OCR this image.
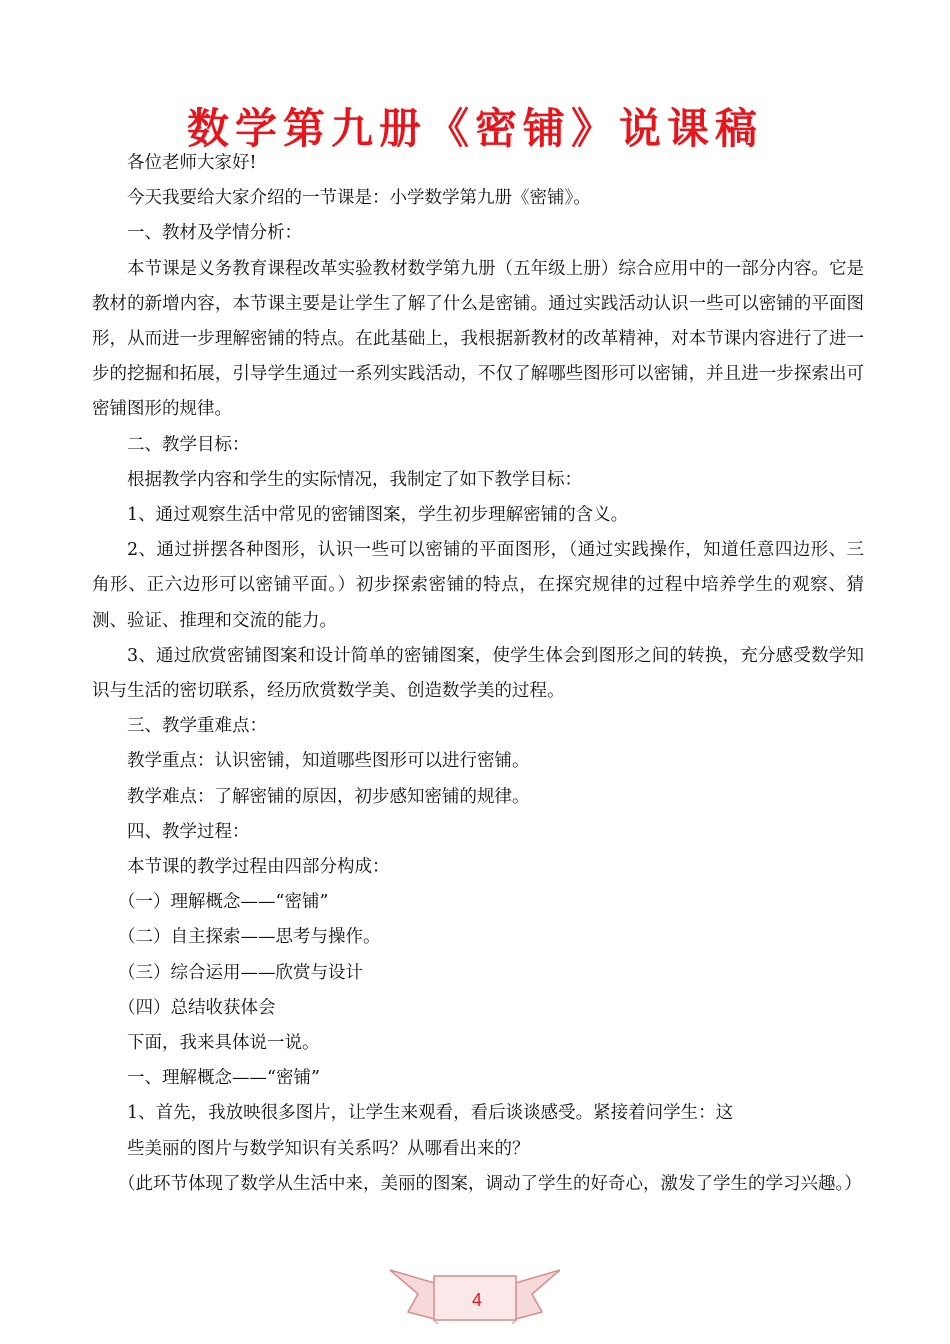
数学第九册《密铺》说课稿

各位老师大家好!

今天我要给大家介绍的一节课是：小学数学第九册《密铺》。

一、教材及学情分析：

本节课是义务教育课程改革实验教材数学第九册（五年级上册）综合应用中的一部分内容。它是教材的新增内容，本节课主要是让学生了解了什么是密铺。通过实践活动认识一些可以密铺的平面图形，从而进一步理解密铺的特点。在此基础上，我根据新教材的改革精神，对本节课内容进行了进一步的挖掘和拓展，引导学生通过一系列实践活动，不仅了解哪些图形可以密铺，并且进一步探索出可密铺图形的规律。

二、教学目标：

根据教学内容和学生的实际情况，我制定了如下教学目标：

1、通过观察生活中常见的密铺图案，学生初步理解密铺的含义。

2、通过拼摆各种图形，认识一些可以密铺的平面图形，（通过实践操作，知道任意四边形、三角形、正六边形可以密铺平面。）初步探索密铺的特点，在探究规律的过程中培养学生的观察、猜测、验证、推理和交流的能力。

3、通过欣赏密铺图案和设计简单的密铺图案，使学生体会到图形之间的转换，充分感受数学知识与生活的密切联系，经历欣赏数学美、创造数学美的过程。

三、教学重难点：

教学重点：认识密铺，知道哪些图形可以进行密铺。

教学难点：了解密铺的原因，初步感知密铺的规律。

四、教学过程：

本节课的教学过程由四部分构成：

（一）理解概念——“密铺”

（二）自主探索——思考与操作。

（三）综合运用——欣赏与设计

（四）总结收获体会

下面，我来具体说一说。

一、理解概念——“密铺”

1、首先，我放映很多图片，让学生来观看，看后谈谈感受。紧接着问学生：这

些美丽的图片与数学知识有关系吗？从哪看出来的？

（此环节体现了数学从生活中来，美丽的图案，调动了学生的好奇心，激发了学生的学习兴趣。）

4
